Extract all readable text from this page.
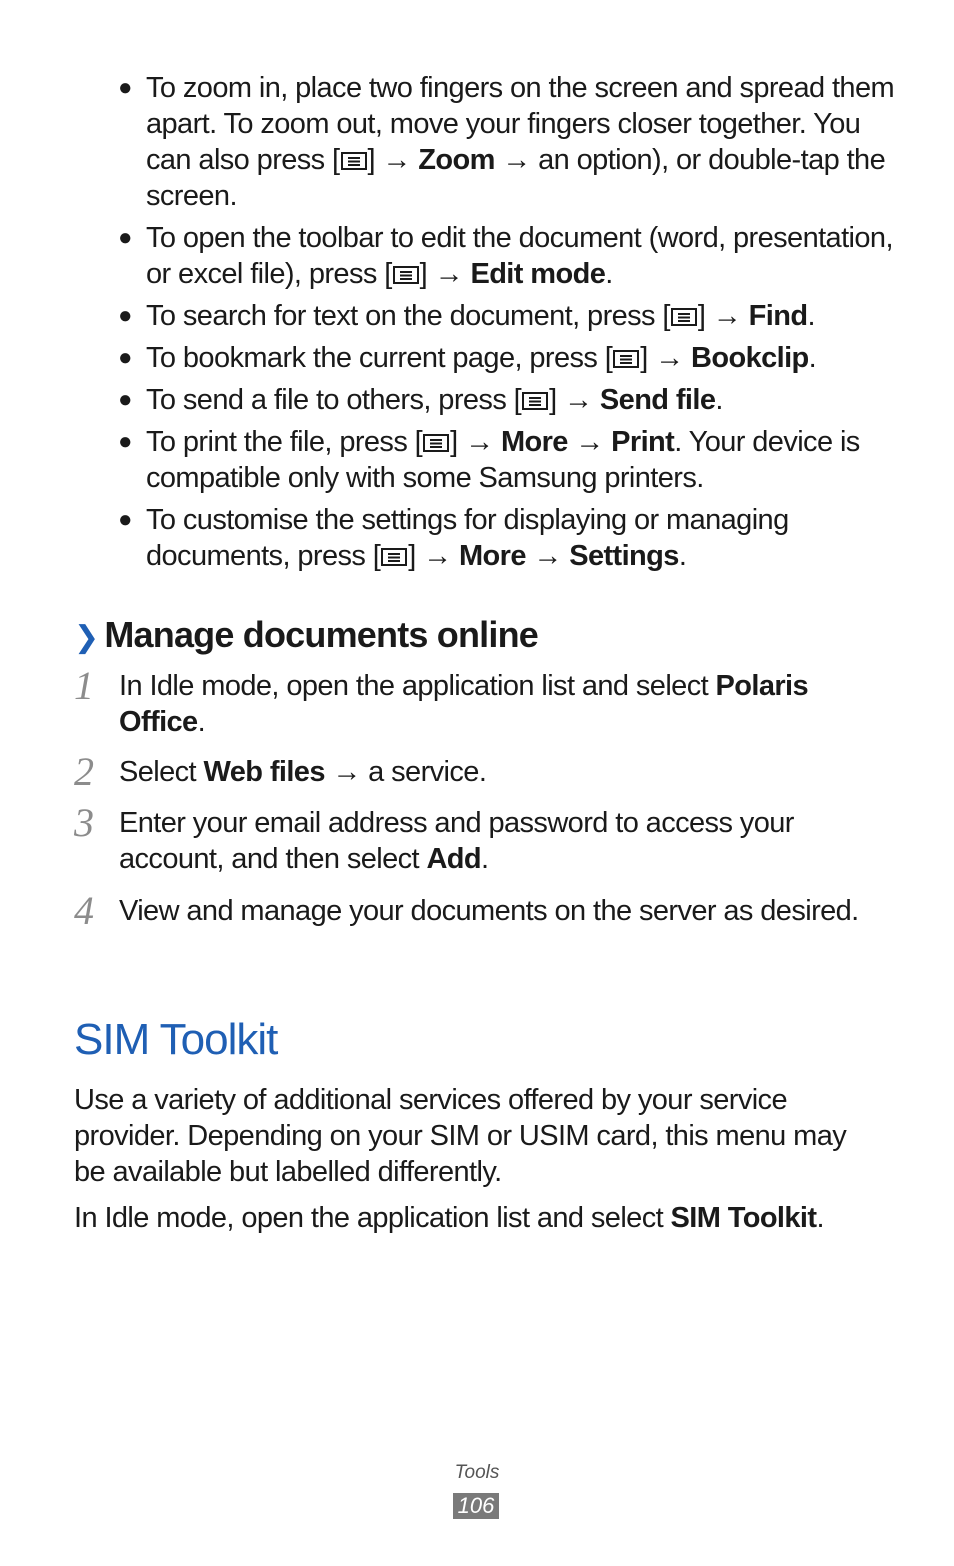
● To zoom in, place two fingers on the screen and spread them apart. To zoom out, move your fingers closer together. You can also press [ ] → Zoom → an option), or double-tap the screen.
● To open the toolbar to edit the document (word, presentation, or excel file), press [ ] → Edit mode.
● To search for text on the document, press [ ] → Find.
● To bookmark the current page, press [ ] → Bookclip.
● To send a file to others, press [ ] → Send file.
● To print the file, press [ ] → More → Print. Your device is compatible only with some Samsung printers.
● To customise the settings for displaying or managing documents, press [ ] → More → Settings.
❯ Manage documents online
1 In Idle mode, open the application list and select Polaris Office.
2 Select Web files → a service.
3 Enter your email address and password to access your account, and then select Add.
4 View and manage your documents on the server as desired.
SIM Toolkit

Use a variety of additional services offered by your service provider. Depending on your SIM or USIM card, this menu may be available but labelled differently.

In Idle mode, open the application list and select SIM Toolkit.

Tools
106
